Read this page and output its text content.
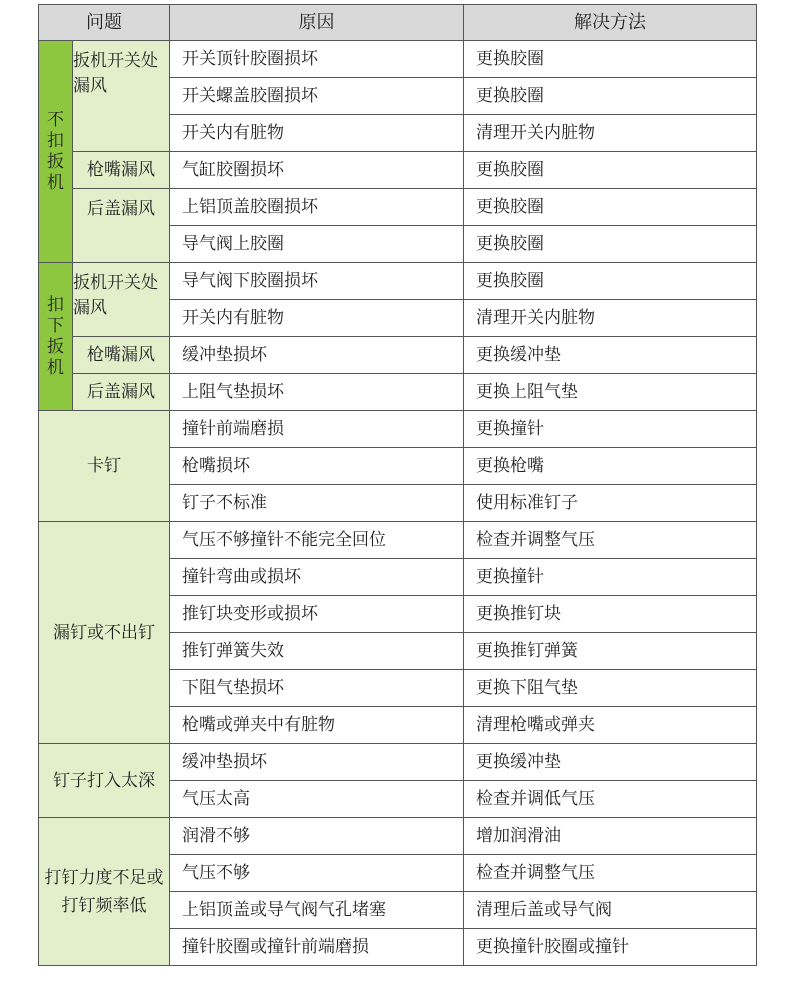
问题		原因	解决方法
不扣扳机	扳机开关处漏风	开关顶针胶圈损坏	更换胶圈
		开关螺盖胶圈损坏	更换胶圈
		开关内有脏物	清理开关内脏物
	枪嘴漏风	气缸胶圈损坏	更换胶圈
	后盖漏风	上铝顶盖胶圈损坏	更换胶圈
		导气阀上胶圈	更换胶圈
扣下扳机	扳机开关处漏风	导气阀下胶圈损坏	更换胶圈
		开关内有脏物	清理开关内脏物
	枪嘴漏风	缓冲垫损坏	更换缓冲垫
	后盖漏风	上阻气垫损坏	更换上阻气垫
卡钉		撞针前端磨损	更换撞针
		枪嘴损坏	更换枪嘴
		钉子不标准	使用标准钉子
漏钉或不出钉		气压不够撞针不能完全回位	检查并调整气压
		撞针弯曲或损坏	更换撞针
		推钉块变形或损坏	更换推钉块
		推钉弹簧失效	更换推钉弹簧
		下阻气垫损坏	更换下阻气垫
		枪嘴或弹夹中有脏物	清理枪嘴或弹夹
钉子打入太深		缓冲垫损坏	更换缓冲垫
		气压太高	检查并调低气压
打钉力度不足或打钉频率低		润滑不够	增加润滑油
		气压不够	检查并调整气压
		上铝顶盖或导气阀气孔堵塞	清理后盖或导气阀
		撞针胶圈或撞针前端磨损	更换撞针胶圈或撞针
